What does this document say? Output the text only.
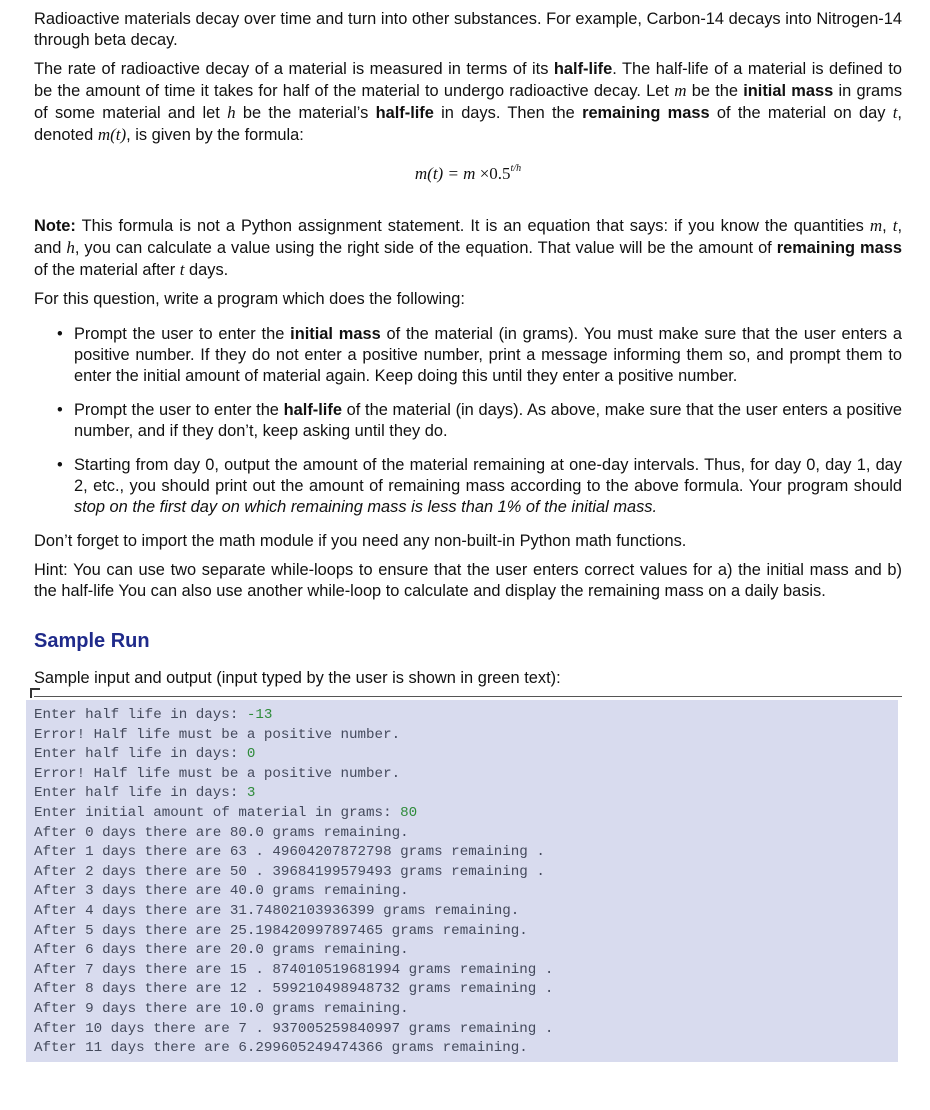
Radioactive materials decay over time and turn into other substances. For example, Carbon-14 decays into Nitrogen-14 through beta decay.

The rate of radioactive decay of a material is measured in terms of its half-life. The half-life of a material is defined to be the amount of time it takes for half of the material to undergo radioactive decay. Let m be the initial mass in grams of some material and let h be the material’s half-life in days. Then the remaining mass of the material on day t, denoted m(t), is given by the formula:

$m(t) = m \times 0.5^{t/h}$

Note: This formula is not a Python assignment statement. It is an equation that says: if you know the quantities m, t, and h, you can calculate a value using the right side of the equation. That value will be the amount of remaining mass of the material after t days.

For this question, write a program which does the following:

• Prompt the user to enter the initial mass of the material (in grams). You must make sure that the user enters a positive number. If they do not enter a positive number, print a message informing them so, and prompt them to enter the initial amount of material again. Keep doing this until they enter a positive number.
• Prompt the user to enter the half-life of the material (in days). As above, make sure that the user enters a positive number, and if they don’t, keep asking until they do.
• Starting from day 0, output the amount of the material remaining at one-day intervals. Thus, for day 0, day 1, day 2, etc., you should print out the amount of remaining mass according to the above formula. Your program should stop on the first day on which remaining mass is less than 1% of the initial mass.

Don’t forget to import the math module if you need any non-built-in Python math functions.

Hint: You can use two separate while-loops to ensure that the user enters correct values for a) the initial mass and b) the half-life You can also use another while-loop to calculate and display the remaining mass on a daily basis.

Sample Run

Sample input and output (input typed by the user is shown in green text):

Enter half life in days: -13
Error! Half life must be a positive number.
Enter half life in days: 0
Error! Half life must be a positive number.
Enter half life in days: 3
Enter initial amount of material in grams: 80
After 0 days there are 80.0 grams remaining.
After 1 days there are 63 . 49604207872798 grams remaining .
After 2 days there are 50 . 39684199579493 grams remaining .
After 3 days there are 40.0 grams remaining.
After 4 days there are 31.74802103936399 grams remaining.
After 5 days there are 25.198420997897465 grams remaining.
After 6 days there are 20.0 grams remaining.
After 7 days there are 15 . 874010519681994 grams remaining .
After 8 days there are 12 . 599210498948732 grams remaining .
After 9 days there are 10.0 grams remaining.
After 10 days there are 7 . 937005259840997 grams remaining .
After 11 days there are 6.299605249474366 grams remaining.
